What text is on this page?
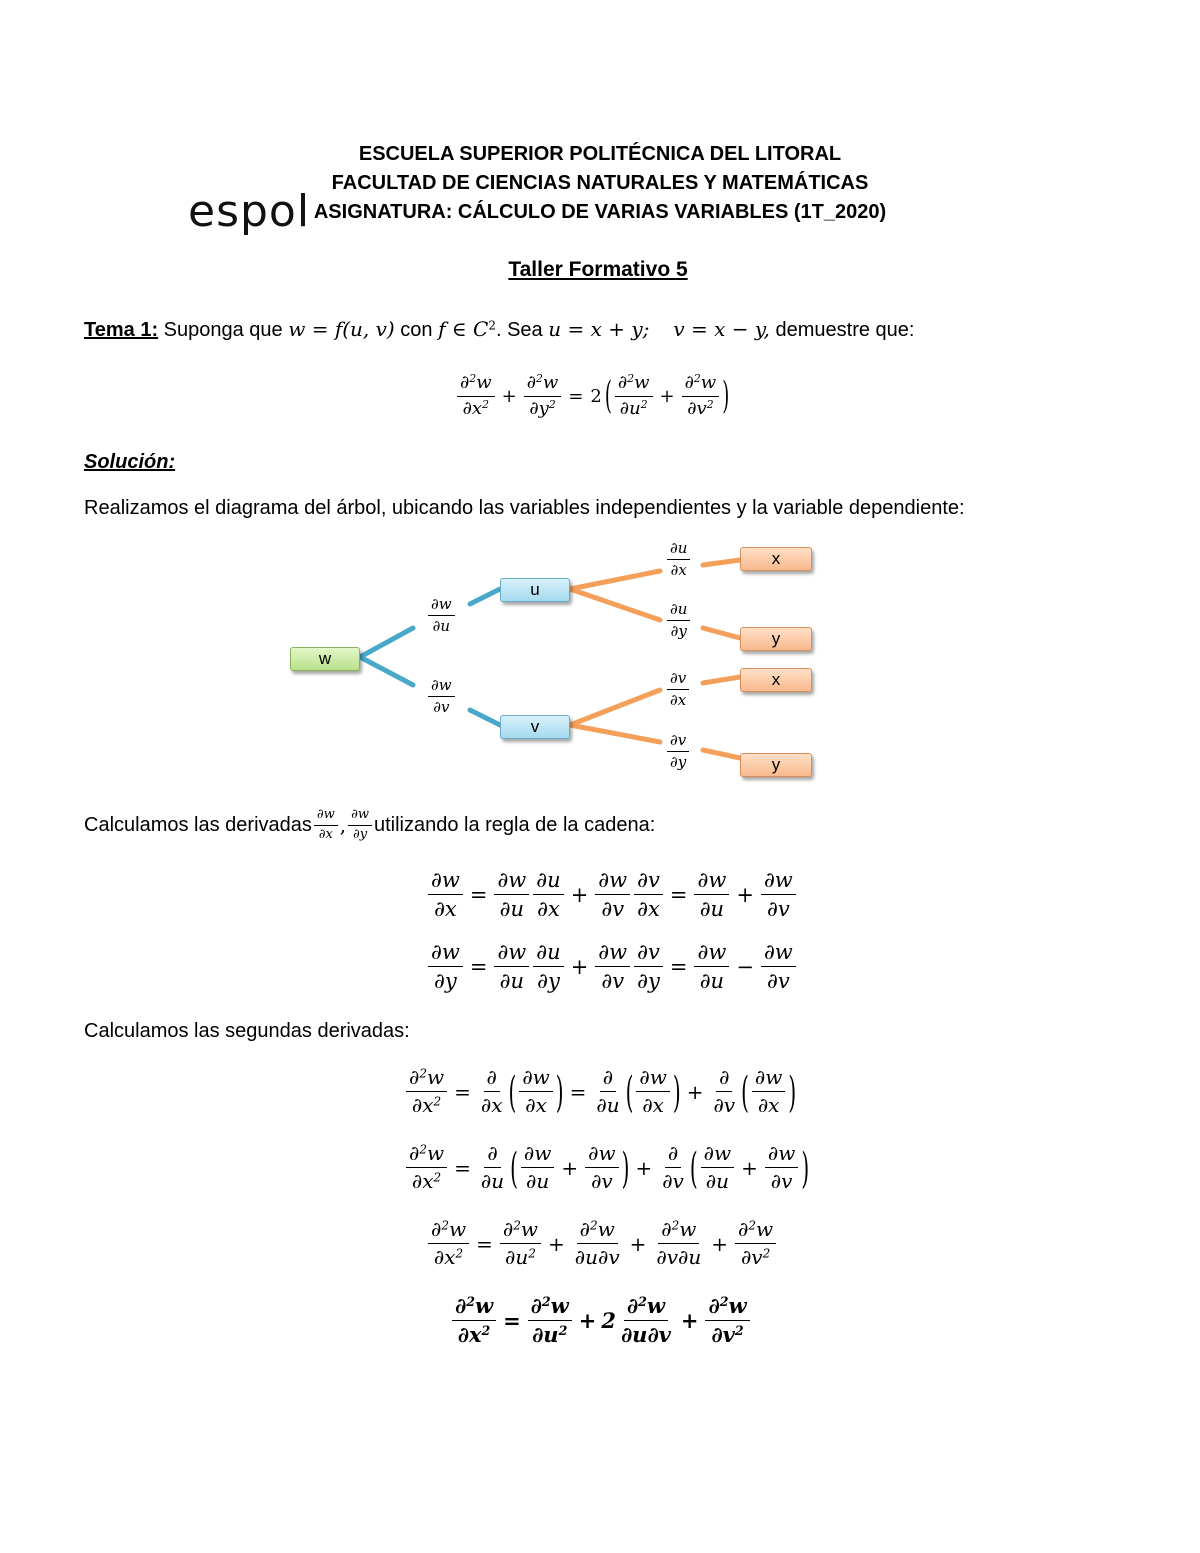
ESCUELA SUPERIOR POLITÉCNICA DEL LITORAL
FACULTAD DE CIENCIAS NATURALES Y MATEMÁTICAS
ASIGNATURA: CÁLCULO DE VARIAS VARIABLES (1T_2020)
espol
Taller Formativo 5
Tema 1: Suponga que w = f(u, v) con f ∈ $C^2$. Sea u = x + y; v = x − y, demuestre que:
$\frac{\partial^2w}{\partial x^2} + \frac{\partial^2w}{\partial y^2} = 2$ ( $\frac{\partial^2w}{\partial u^2} + \frac{\partial^2w}{\partial v^2}$ )
Solución:
Realizamos el diagrama del árbol, ubicando las variables independientes y la variable dependiente:
w
u
v
x
y
x
y
$\frac{\partial w}{\partial u}$
$\frac{\partial w}{\partial v}$
$\frac{\partial u}{\partial x}$
$\frac{\partial u}{\partial y}$
$\frac{\partial v}{\partial x}$
$\frac{\partial v}{\partial y}$
Calculamos las derivadas $\frac{\partial w}{\partial x}$ , $\frac{\partial w}{\partial y}$ utilizando la regla de la cadena:
$\frac{\partial w}{\partial x} = \frac{\partial w}{\partial u} \frac{\partial u}{\partial x} + \frac{\partial w}{\partial v} \frac{\partial v}{\partial x} = \frac{\partial w}{\partial u} + \frac{\partial w}{\partial v}$
$\frac{\partial w}{\partial y} = \frac{\partial w}{\partial u} \frac{\partial u}{\partial y} + \frac{\partial w}{\partial v} \frac{\partial v}{\partial y} = \frac{\partial w}{\partial u} - \frac{\partial w}{\partial v}$
Calculamos las segundas derivadas:
$\frac{\partial^2w}{\partial x^2} = \frac{\partial}{\partial x}$ ( $\frac{\partial w}{\partial x}$ ) = $\frac{\partial}{\partial u}$ ( $\frac{\partial w}{\partial x}$ ) + $\frac{\partial}{\partial v}$ ( $\frac{\partial w}{\partial x}$ )
$\frac{\partial^2w}{\partial x^2} = \frac{\partial}{\partial u}$ ( $\frac{\partial w}{\partial u} + \frac{\partial w}{\partial v}$ ) + $\frac{\partial}{\partial v}$ ( $\frac{\partial w}{\partial u} + \frac{\partial w}{\partial v}$ )
$\frac{\partial^2w}{\partial x^2} = \frac{\partial^2w}{\partial u^2} + \frac{\partial^2w}{\partial u\partial v} + \frac{\partial^2w}{\partial v\partial u} + \frac{\partial^2w}{\partial v^2}$
$\frac{\partial^2w}{\partial x^2} = \frac{\partial^2w}{\partial u^2} + 2 \frac{\partial^2w}{\partial u\partial v} + \frac{\partial^2w}{\partial v^2}$
